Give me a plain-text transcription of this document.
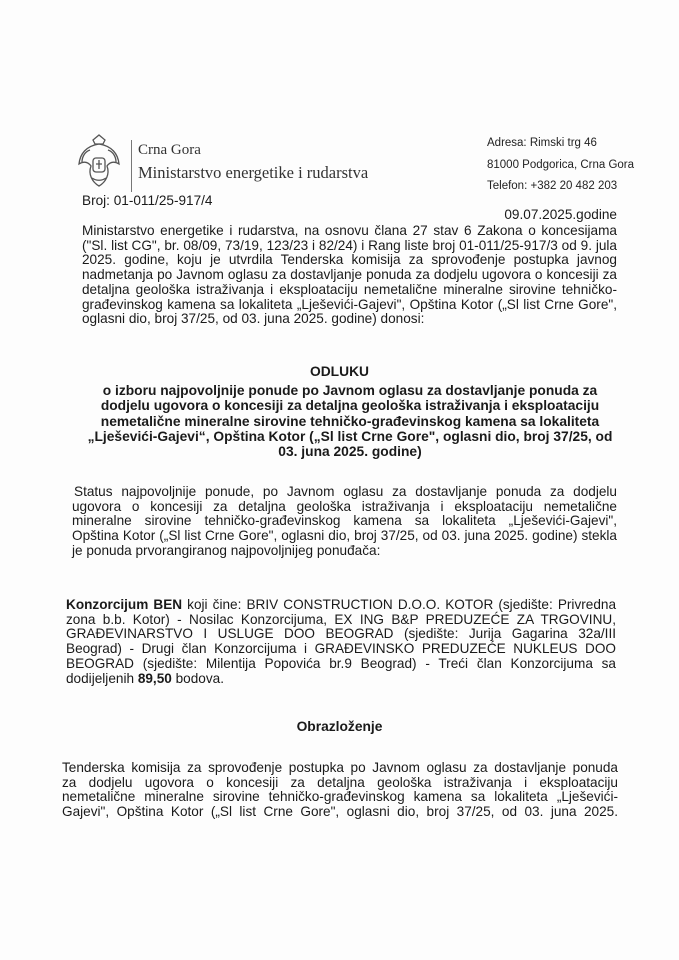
Crna Gora
Ministarstvo energetike i rudarstva
Adresa: Rimski trg 46
81000 Podgorica, Crna Gora
Telefon: +382 20 482 203
Broj: 01-011/25-917/4
09.07.2025.godine
Ministarstvo energetike i rudarstva, na osnovu člana 27 stav 6 Zakona o koncesijama
("Sl. list CG", br. 08/09, 73/19, 123/23 i 82/24) i Rang liste broj 01-011/25-917/3 od 9. jula
2025. godine, koju je utvrdila Tenderska komisija za sprovođenje postupka javnog
nadmetanja po Javnom oglasu za dostavljanje ponuda za dodjelu ugovora o koncesiji za
detaljna geološka istraživanja i eksploataciju nemetalične mineralne sirovine tehničko-
građevinskog kamena sa lokaliteta „Lješevići-Gajevi", Opština Kotor („Sl list Crne Gore",
oglasni dio, broj 37/25, od 03. juna 2025. godine) donosi:
ODLUKU
o izboru najpovoljnije ponude po Javnom oglasu za dostavljanje ponuda za
dodjelu ugovora o koncesiji za detaljna geološka istraživanja i eksploataciju
nemetalične mineralne sirovine tehničko-građevinskog kamena sa lokaliteta
„Lješevići-Gajevi“, Opština Kotor („Sl list Crne Gore", oglasni dio, broj 37/25, od
03. juna 2025. godine)
Status najpovoljnije ponude, po Javnom oglasu za dostavljanje ponuda za dodjelu
ugovora o koncesiji za detaljna geološka istraživanja i eksploataciju nemetalične
mineralne sirovine tehničko-građevinskog kamena sa lokaliteta „Lješevići-Gajevi",
Opština Kotor („Sl list Crne Gore", oglasni dio, broj 37/25, od 03. juna 2025. godine) stekla
je ponuda prvorangiranog najpovoljnijeg ponuđača:
Konzorcijum BEN koji čine: BRIV CONSTRUCTION D.O.O. KOTOR (sjedište: Privredna
zona b.b. Kotor) - Nosilac Konzorcijuma, EX ING B&P PREDUZEĆE ZA TRGOVINU,
GRAĐEVINARSTVO I USLUGE DOO BEOGRAD (sjedište: Jurija Gagarina 32a/III
Beograd) - Drugi član Konzorcijuma i GRAĐEVINSKO PREDUZEĆE NUKLEUS DOO
BEOGRAD (sjedište: Milentija Popovića br.9 Beograd) - Treći član Konzorcijuma sa
dodijeljenih 89,50 bodova.
Obrazloženje
Tenderska komisija za sprovođenje postupka po Javnom oglasu za dostavljanje ponuda
za dodjelu ugovora o koncesiji za detaljna geološka istraživanja i eksploataciju
nemetalične mineralne sirovine tehničko-građevinskog kamena sa lokaliteta „Lješevići-
Gajevi", Opština Kotor („Sl list Crne Gore", oglasni dio, broj 37/25, od 03. juna 2025.
